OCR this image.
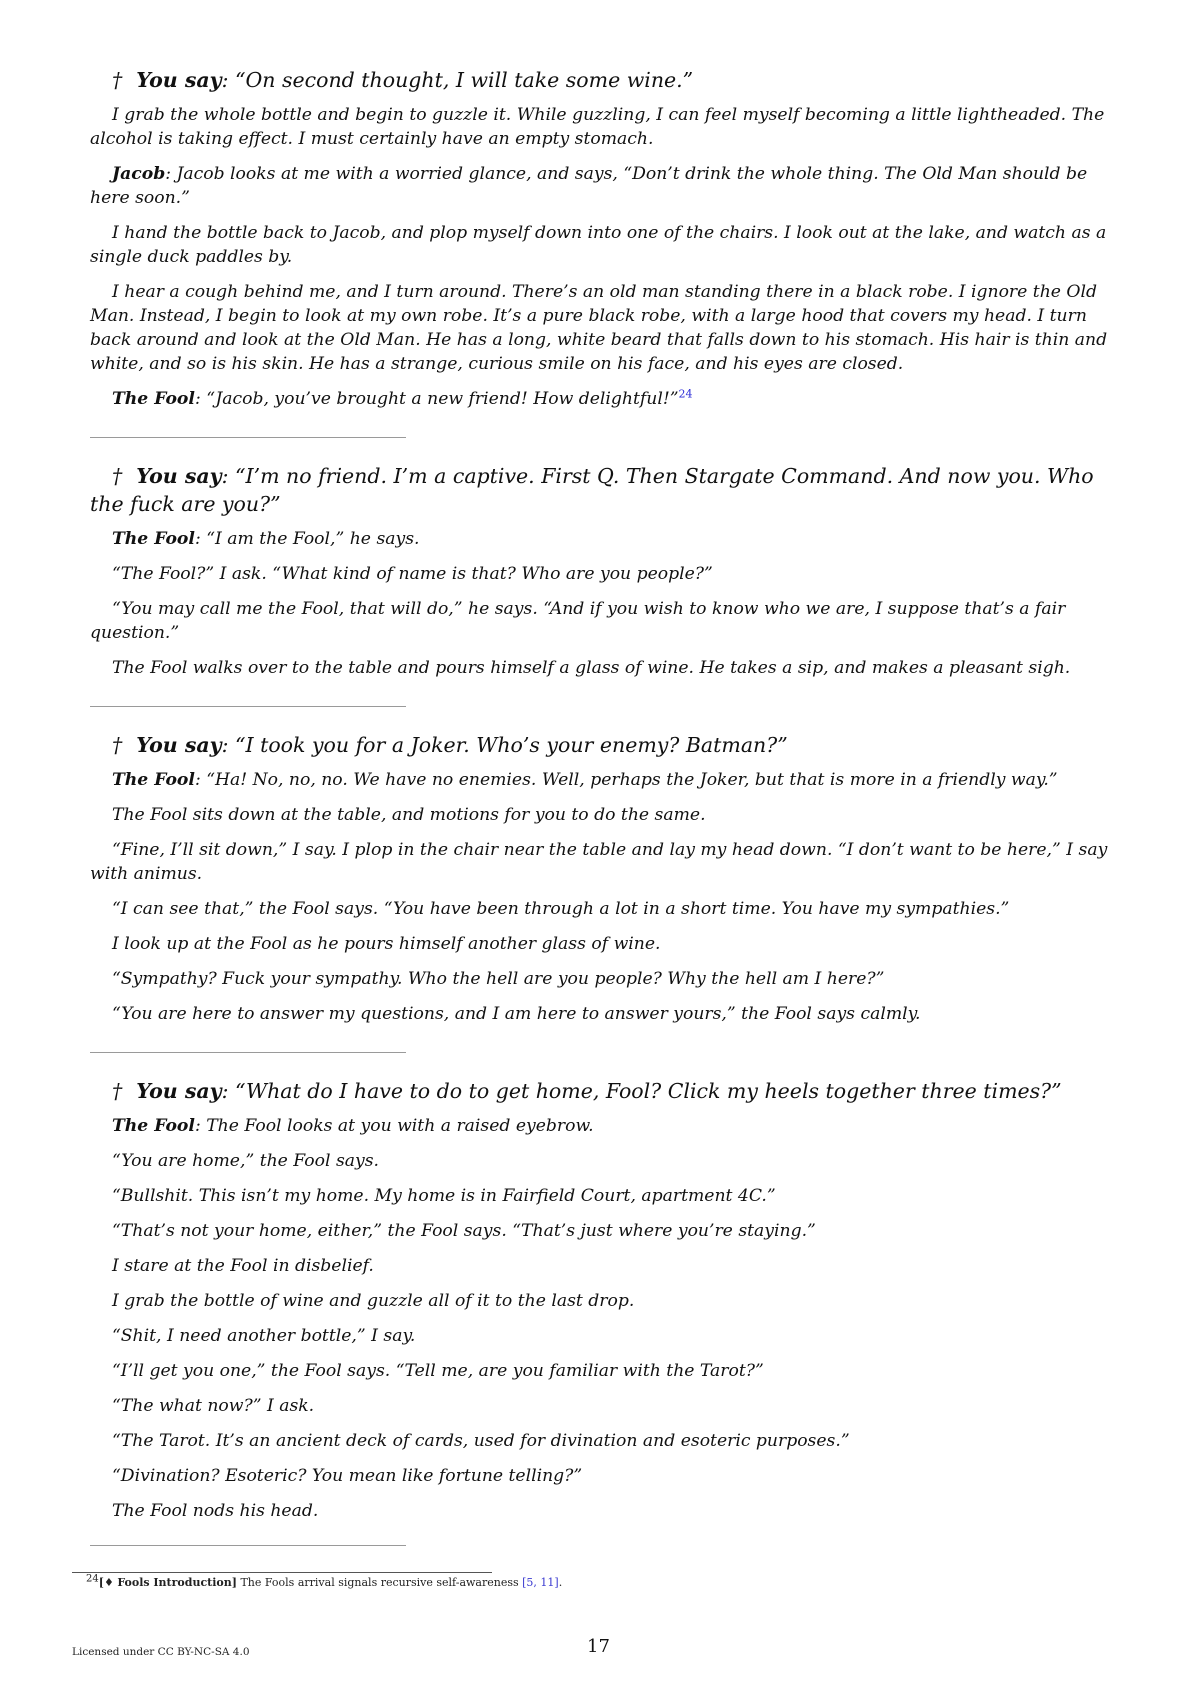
† You say: “On second thought, I will take some wine.”

I grab the whole bottle and begin to guzzle it. While guzzling, I can feel myself becoming a little lightheaded. The alcohol is taking effect. I must certainly have an empty stomach.

Jacob: Jacob looks at me with a worried glance, and says, “Don’t drink the whole thing. The Old Man should be here soon.”

I hand the bottle back to Jacob, and plop myself down into one of the chairs. I look out at the lake, and watch as a single duck paddles by.

I hear a cough behind me, and I turn around. There’s an old man standing there in a black robe. I ignore the Old Man. Instead, I begin to look at my own robe. It’s a pure black robe, with a large hood that covers my head. I turn back around and look at the Old Man. He has a long, white beard that falls down to his stomach. His hair is thin and white, and so is his skin. He has a strange, curious smile on his face, and his eyes are closed.

The Fool: “Jacob, you’ve brought a new friend! How delightful!”$^{24}$

† You say: “I’m no friend. I’m a captive. First Q. Then Stargate Command. And now you. Who the fuck are you?”

The Fool: “I am the Fool,” he says.

“The Fool?” I ask. “What kind of name is that? Who are you people?”

“You may call me the Fool, that will do,” he says. “And if you wish to know who we are, I suppose that’s a fair question.”

The Fool walks over to the table and pours himself a glass of wine. He takes a sip, and makes a pleasant sigh.

† You say: “I took you for a Joker. Who’s your enemy? Batman?”

The Fool: “Ha! No, no, no. We have no enemies. Well, perhaps the Joker, but that is more in a friendly way.”

The Fool sits down at the table, and motions for you to do the same.

“Fine, I’ll sit down,” I say. I plop in the chair near the table and lay my head down. “I don’t want to be here,” I say with animus.

“I can see that,” the Fool says. “You have been through a lot in a short time. You have my sympathies.”

I look up at the Fool as he pours himself another glass of wine.

“Sympathy? Fuck your sympathy. Who the hell are you people? Why the hell am I here?”

“You are here to answer my questions, and I am here to answer yours,” the Fool says calmly.

† You say: “What do I have to do to get home, Fool? Click my heels together three times?”

The Fool: The Fool looks at you with a raised eyebrow.

“You are home,” the Fool says.

“Bullshit. This isn’t my home. My home is in Fairfield Court, apartment 4C.”

“That’s not your home, either,” the Fool says. “That’s just where you’re staying.”

I stare at the Fool in disbelief.

I grab the bottle of wine and guzzle all of it to the last drop.

“Shit, I need another bottle,” I say.

“I’ll get you one,” the Fool says. “Tell me, are you familiar with the Tarot?”

“The what now?” I ask.

“The Tarot. It’s an ancient deck of cards, used for divination and esoteric purposes.”

“Divination? Esoteric? You mean like fortune telling?”

The Fool nods his head.

24[♦ Fools Introduction] The Fools arrival signals recursive self-awareness [5, 11].
Licensed under CC BY-NC-SA 4.0	17
